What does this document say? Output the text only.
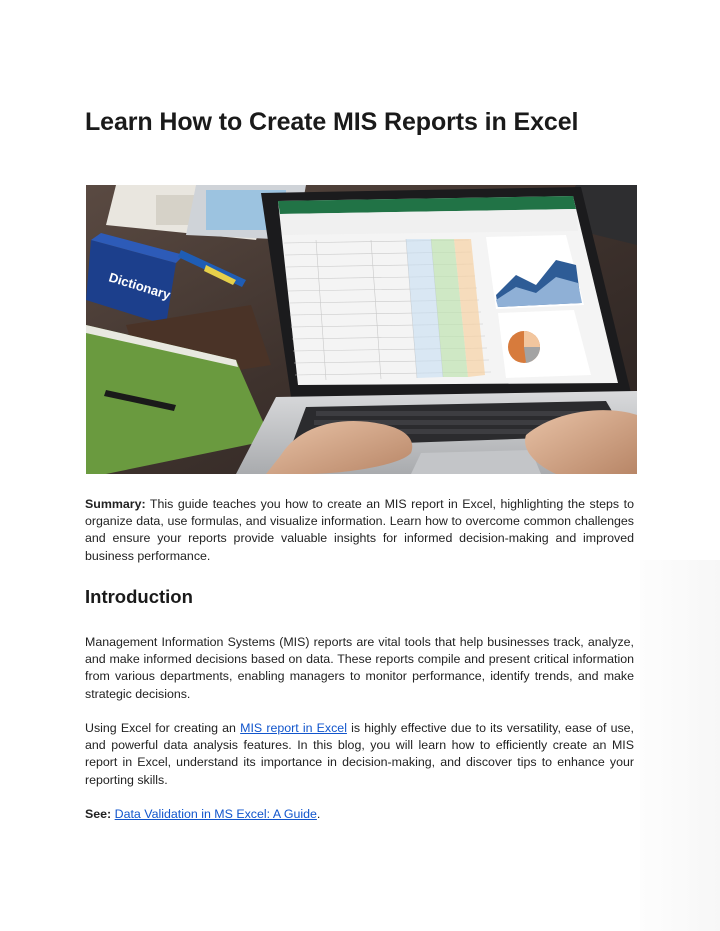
Learn How to Create MIS Reports in Excel
Dictionary

Summary: This guide teaches you how to create an MIS report in Excel, highlighting the steps to organize data, use formulas, and visualize information. Learn how to overcome common challenges and ensure your reports provide valuable insights for informed decision-making and improved business performance.

Introduction

Management Information Systems (MIS) reports are vital tools that help businesses track, analyze, and make informed decisions based on data. These reports compile and present critical information from various departments, enabling managers to monitor performance, identify trends, and make strategic decisions.

Using Excel for creating an MIS report in Excel is highly effective due to its versatility, ease of use, and powerful data analysis features. In this blog, you will learn how to efficiently create an MIS report in Excel, understand its importance in decision-making, and discover tips to enhance your reporting skills.

See: Data Validation in MS Excel: A Guide.
